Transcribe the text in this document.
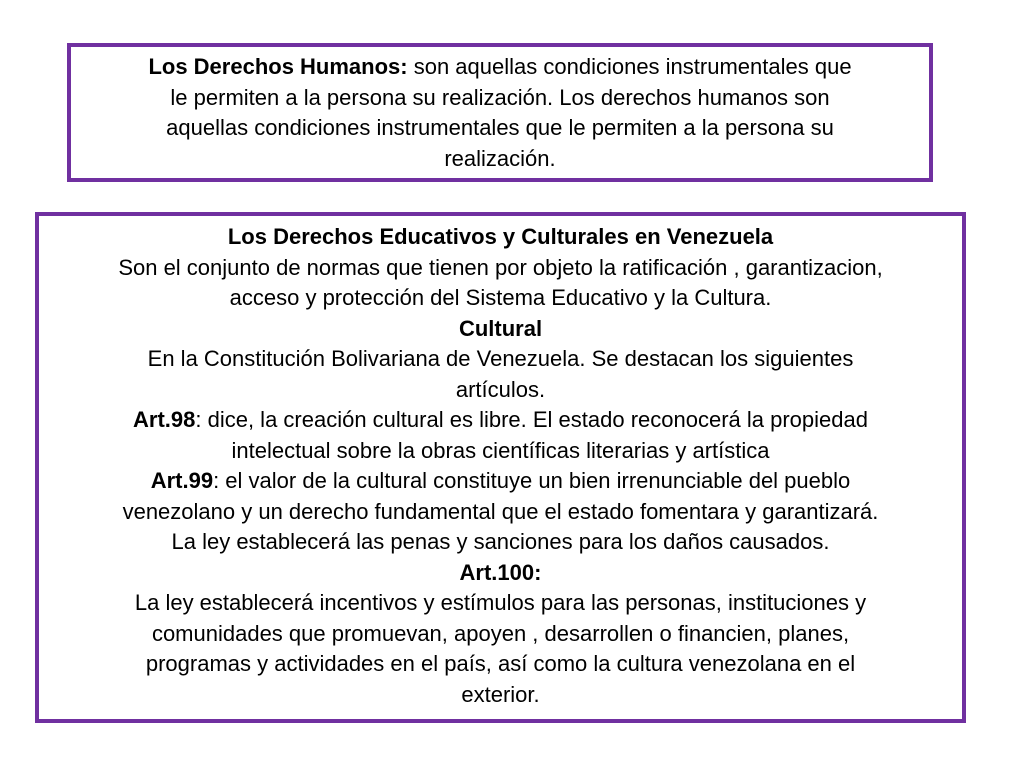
Los Derechos Humanos: son aquellas condiciones instrumentales que
le permiten a la persona su realización. Los derechos humanos son
aquellas condiciones instrumentales que le permiten a la persona su
realización.
Los Derechos Educativos y Culturales en Venezuela
Son el conjunto de normas que tienen por objeto la ratificación , garantizacion,
acceso y protección del Sistema Educativo y la Cultura.
Cultural
En la Constitución Bolivariana de Venezuela. Se destacan los siguientes
artículos.
Art.98: dice, la creación cultural es libre. El estado reconocerá la propiedad
intelectual sobre la obras científicas literarias y artística
Art.99: el valor de la cultural constituye un bien irrenunciable del pueblo
venezolano y un derecho fundamental que el estado fomentara y garantizará.
La ley establecerá las penas y sanciones para los daños causados.
Art.100:
La ley establecerá incentivos y estímulos para las personas, instituciones y
comunidades que promuevan, apoyen , desarrollen o financien, planes,
programas y actividades en el país, así como la cultura venezolana en el
exterior.
